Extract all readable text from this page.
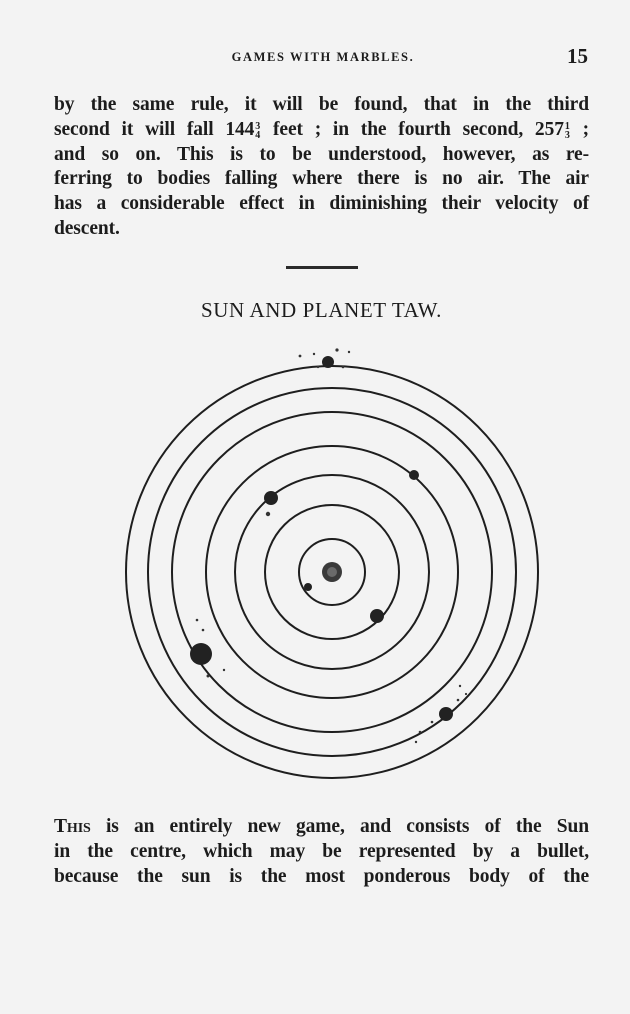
GAMES WITH MARBLES.	15
by the same rule, it will be found, that in the third
second it will fall 144 3
4 feet ; in the fourth second, 257 1
3 ;
and so on. This is to be understood, however, as re-
ferring to bodies falling where there is no air. The air
has a considerable effect in diminishing their velocity of
descent.
SUN AND PLANET TAW.
This is an entirely new game, and consists of the Sun
in the centre, which may be represented by a bullet,
because the sun is the most ponderous body of the
